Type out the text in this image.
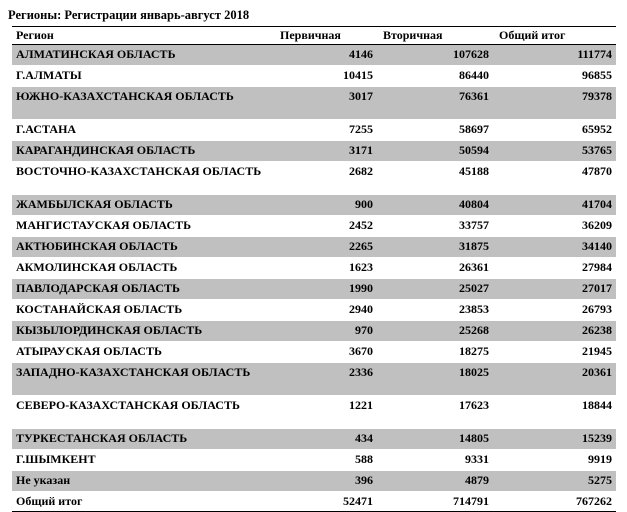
Регионы: Регистрации январь-август 2018
Регион	Первичная	Вторичная	Общий итог
АЛМАТИНСКАЯ ОБЛАСТЬ	4146	107628	111774
Г.АЛМАТЫ	10415	86440	96855
ЮЖНО-КАЗАХСТАНСКАЯ ОБЛАСТЬ	3017	76361	79378
Г.АСТАНА	7255	58697	65952
КАРАГАНДИНСКАЯ ОБЛАСТЬ	3171	50594	53765
ВОСТОЧНО-КАЗАХСТАНСКАЯ ОБЛАСТЬ	2682	45188	47870
ЖАМБЫЛСКАЯ ОБЛАСТЬ	900	40804	41704
МАНГИСТАУСКАЯ ОБЛАСТЬ	2452	33757	36209
АКТЮБИНСКАЯ ОБЛАСТЬ	2265	31875	34140
АКМОЛИНСКАЯ ОБЛАСТЬ	1623	26361	27984
ПАВЛОДАРСКАЯ ОБЛАСТЬ	1990	25027	27017
КОСТАНАЙСКАЯ ОБЛАСТЬ	2940	23853	26793
КЫЗЫЛОРДИНСКАЯ ОБЛАСТЬ	970	25268	26238
АТЫРАУСКАЯ ОБЛАСТЬ	3670	18275	21945
ЗАПАДНО-КАЗАХСТАНСКАЯ ОБЛАСТЬ	2336	18025	20361
СЕВЕРО-КАЗАХСТАНСКАЯ ОБЛАСТЬ	1221	17623	18844
ТУРКЕСТАНСКАЯ ОБЛАСТЬ	434	14805	15239
Г.ШЫМКЕНТ	588	9331	9919
Не указан	396	4879	5275
Общий итог	52471	714791	767262
